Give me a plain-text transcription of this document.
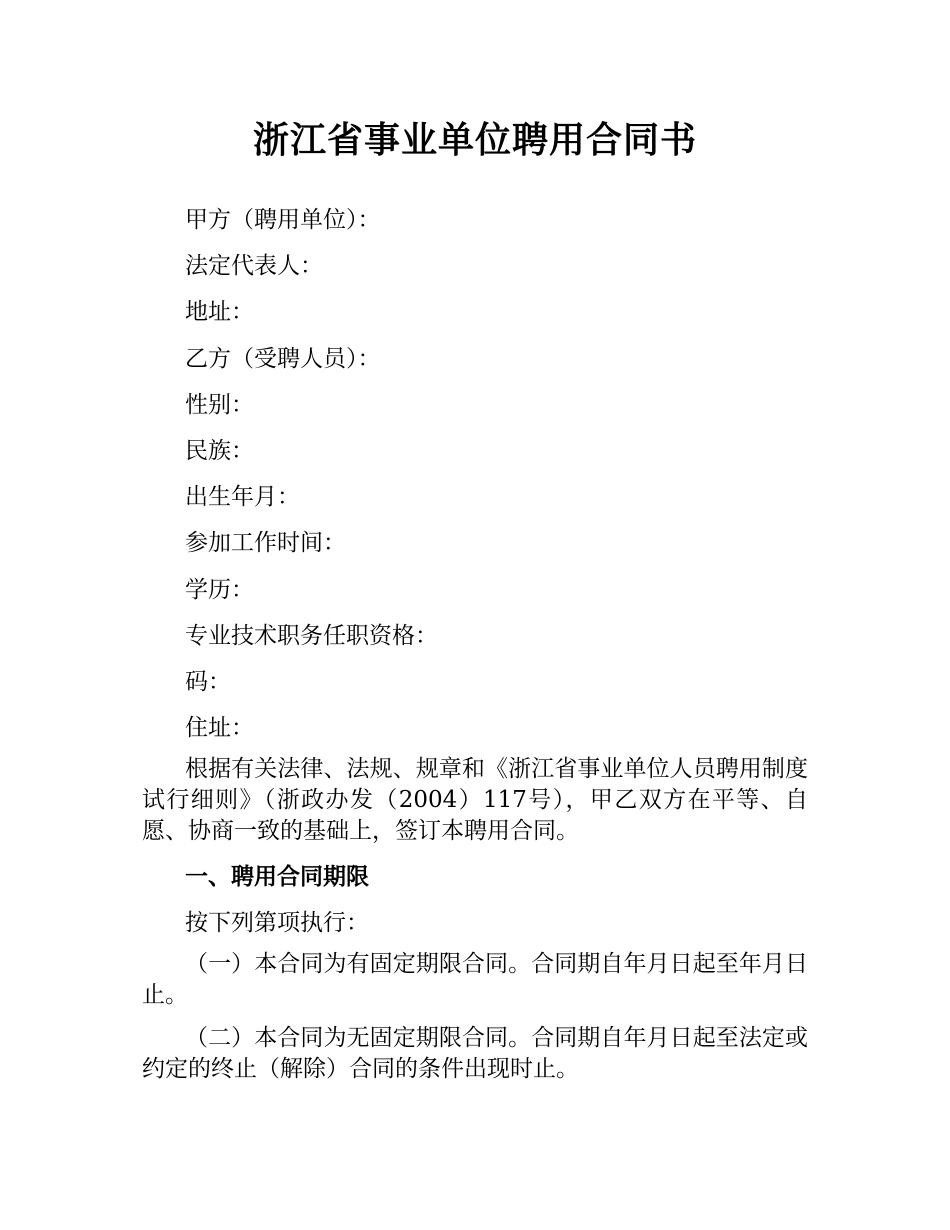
浙江省事业单位聘用合同书
甲方（聘用单位）：
法定代表人：
地址：
乙方（受聘人员）：
性别：
民族：
出生年月：
参加工作时间：
学历：
专业技术职务任职资格：
码：
住址：

根据有关法律、法规、规章和《浙江省事业单位人员聘用制度试行细则》（浙政办发（2004）117号），甲乙双方在平等、自愿、协商一致的基础上，签订本聘用合同。

一、聘用合同期限
按下列第项执行：

（一）本合同为有固定期限合同。合同期自年月日起至年月日止。

（二）本合同为无固定期限合同。合同期自年月日起至法定或约定的终止（解除）合同的条件出现时止。
